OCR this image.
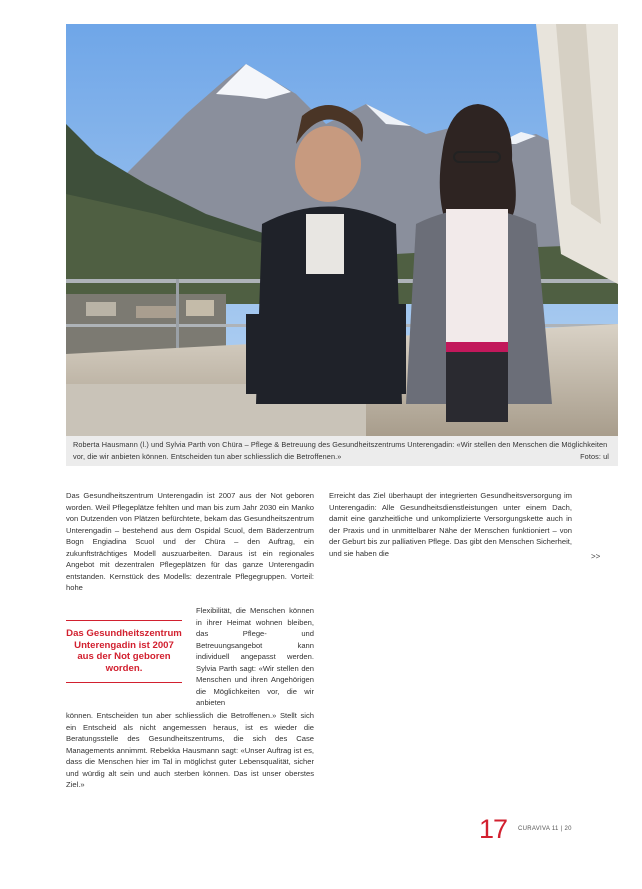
Roberta Hausmann (l.) und Sylvia Parth von Chüra – Pflege & Betreuung des Gesundheitszentrums Unterengadin: «Wir stellen den Menschen die Möglichkeiten vor, die wir anbieten können. Entscheiden tun aber schliesslich die Betroffenen.»	Fotos: ul

Das Gesundheitszentrum Unterengadin ist 2007 aus der Not geboren worden. Weil Pflegeplätze fehlten und man bis zum Jahr 2030 ein Manko von Dutzenden von Plätzen befürchtete, bekam das Gesundheitszentrum Unterengadin – bestehend aus dem Ospidal Scuol, dem Bäderzentrum Bogn Engiadina Scuol und der Chüra – den Auftrag, ein zukunftsträchtiges Modell auszuarbeiten. Daraus ist ein regionales Angebot mit dezentralen Pflegeplätzen für das ganze Unterengadin entstanden. Kernstück des Modells: dezentrale Pflegegruppen. Vorteil: hohe

Flexibilität, die Menschen können in ihrer Heimat wohnen bleiben, das Pflege- und Betreuungsangebot kann individuell angepasst werden. Sylvia Parth sagt: «Wir stellen den Menschen und ihren Angehörigen die Möglichkeiten vor, die wir anbieten

Das Gesundheitszentrum Unterengadin ist 2007 aus der Not geboren worden.

können. Entscheiden tun aber schliesslich die Betroffenen.» Stellt sich ein Entscheid als nicht angemessen heraus, ist es wieder die Beratungsstelle des Gesundheitszentrums, die sich des Case Managements annimmt. Rebekka Hausmann sagt: «Unser Auftrag ist es, dass die Menschen hier im Tal in möglichst guter Lebensqualität, sicher und würdig alt sein und auch sterben können. Das ist unser oberstes Ziel.»

Erreicht das Ziel überhaupt der integrierten Gesundheitsversorgung im Unterengadin: Alle Gesundheitsdienstleistungen unter einem Dach, damit eine ganzheitliche und unkomplizierte Versorgungskette auch in der Praxis und in unmittelbarer Nähe der Menschen funktioniert – von der Geburt bis zur palliativen Pflege. Das gibt den Menschen Sicherheit, und sie haben die	>>
17 CURAVIVA 11 | 20
